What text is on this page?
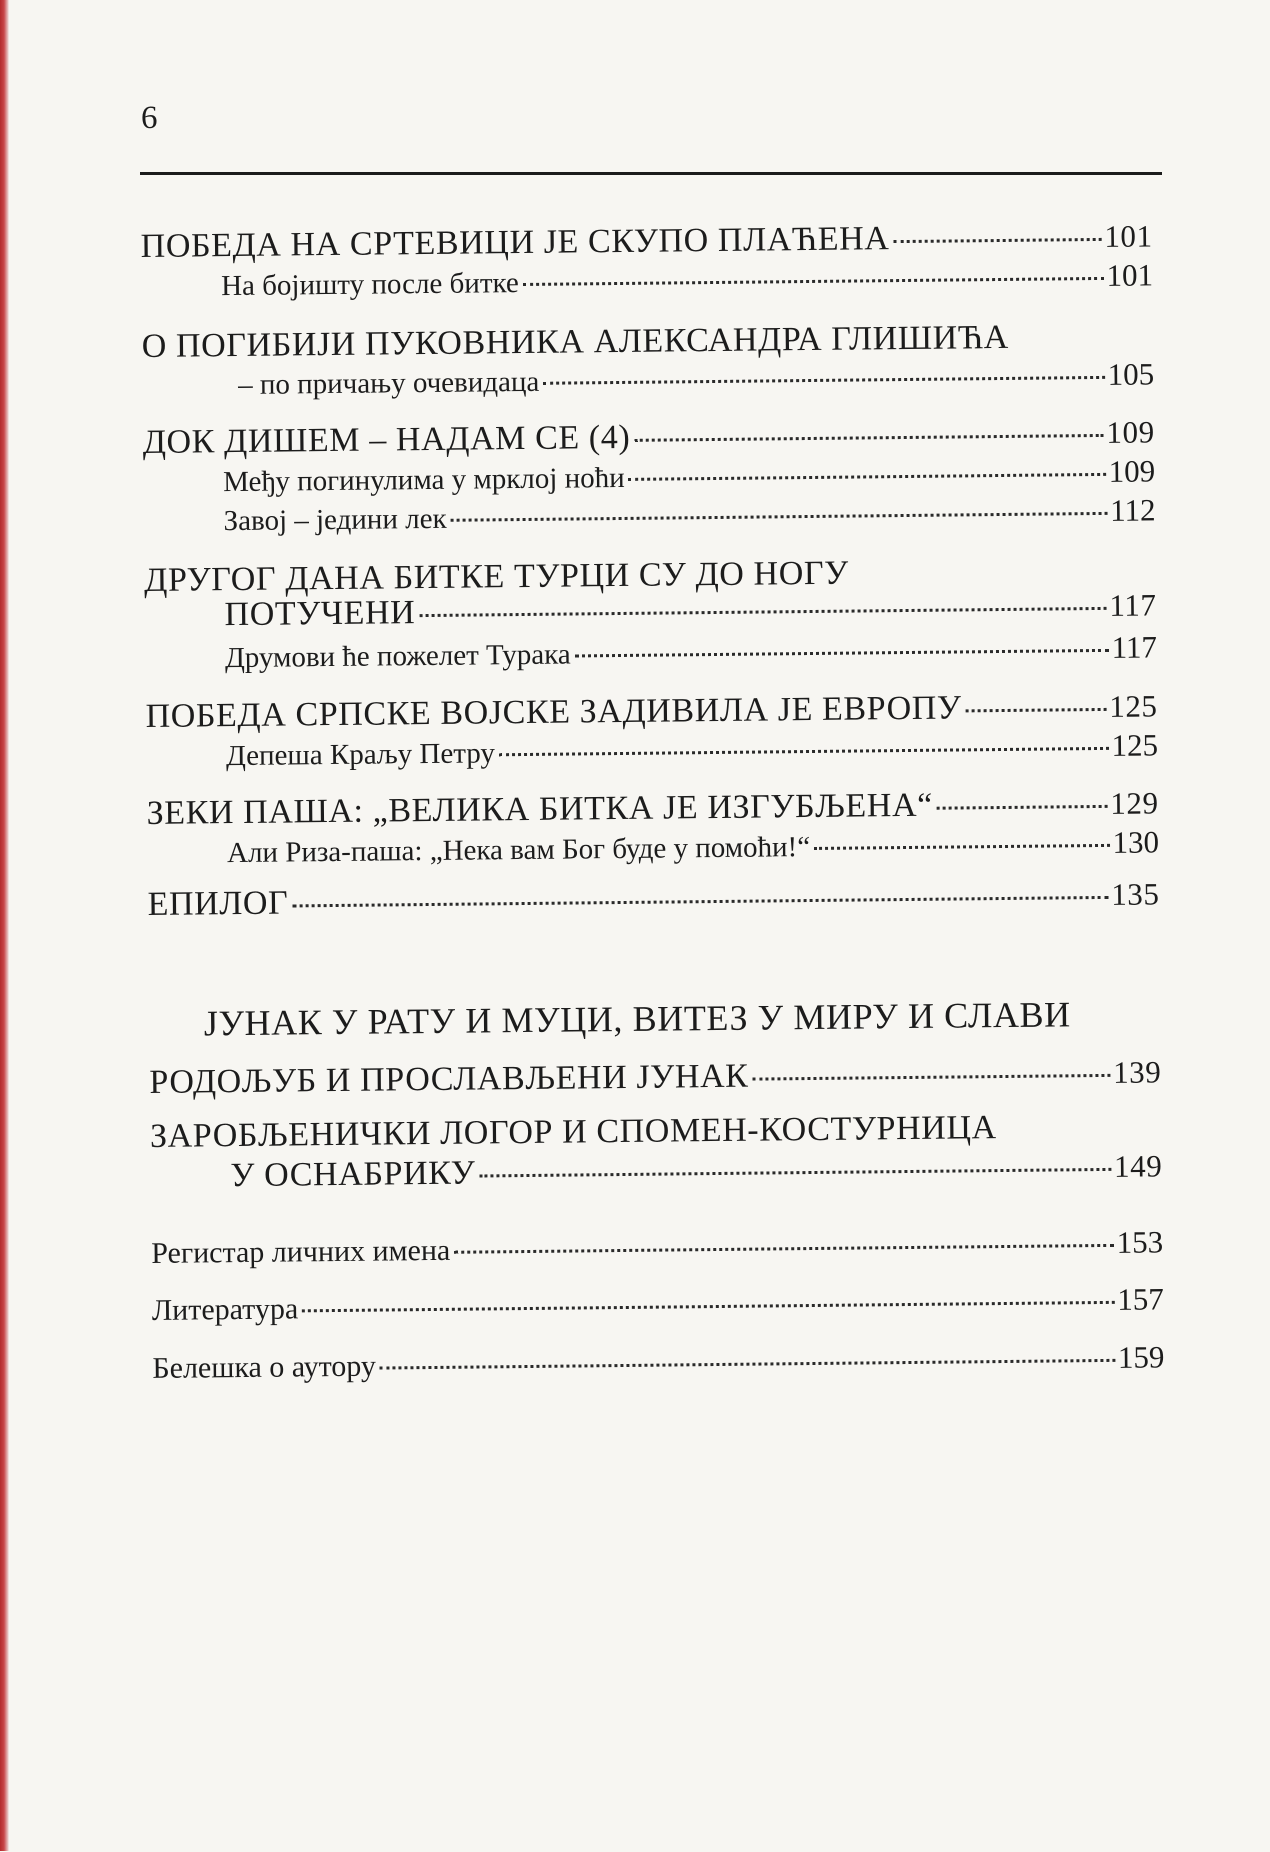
6
ПОБЕДА НА СРТЕВИЦИ ЈЕ СКУПО ПЛАЋЕНА	101
На бојишту после битке	101
О ПОГИБИЈИ ПУКОВНИКА АЛЕКСАНДРА ГЛИШИЋА
– по причању очевидаца	105
ДОК ДИШЕМ – НАДАМ СЕ (4)	109
Међу погинулима у мрклој ноћи	109
Завој – једини лек	112
ДРУГОГ ДАНА БИТКЕ ТУРЦИ СУ ДО НОГУ
ПОТУЧЕНИ	117
Друмови ће пожелет Турака	117
ПОБЕДА СРПСКЕ ВОЈСКЕ ЗАДИВИЛА ЈЕ ЕВРОПУ	125
Депеша Краљу Петру	125
ЗЕКИ ПАША: „ВЕЛИКА БИТКА ЈЕ ИЗГУБЉЕНА“	129
Али Риза-паша: „Нека вам Бог буде у помоћи!“	130
ЕПИЛОГ	135
ЈУНАК У РАТУ И МУЦИ, ВИТЕЗ У МИРУ И СЛАВИ
РОДОЉУБ И ПРОСЛАВЉЕНИ ЈУНАК	139
ЗАРОБЉЕНИЧКИ ЛОГОР И СПОМЕН-КОСТУРНИЦА
У ОСНАБРИКУ	149
Регистар личних имена	153
Литература	157
Белешка о аутору	159
